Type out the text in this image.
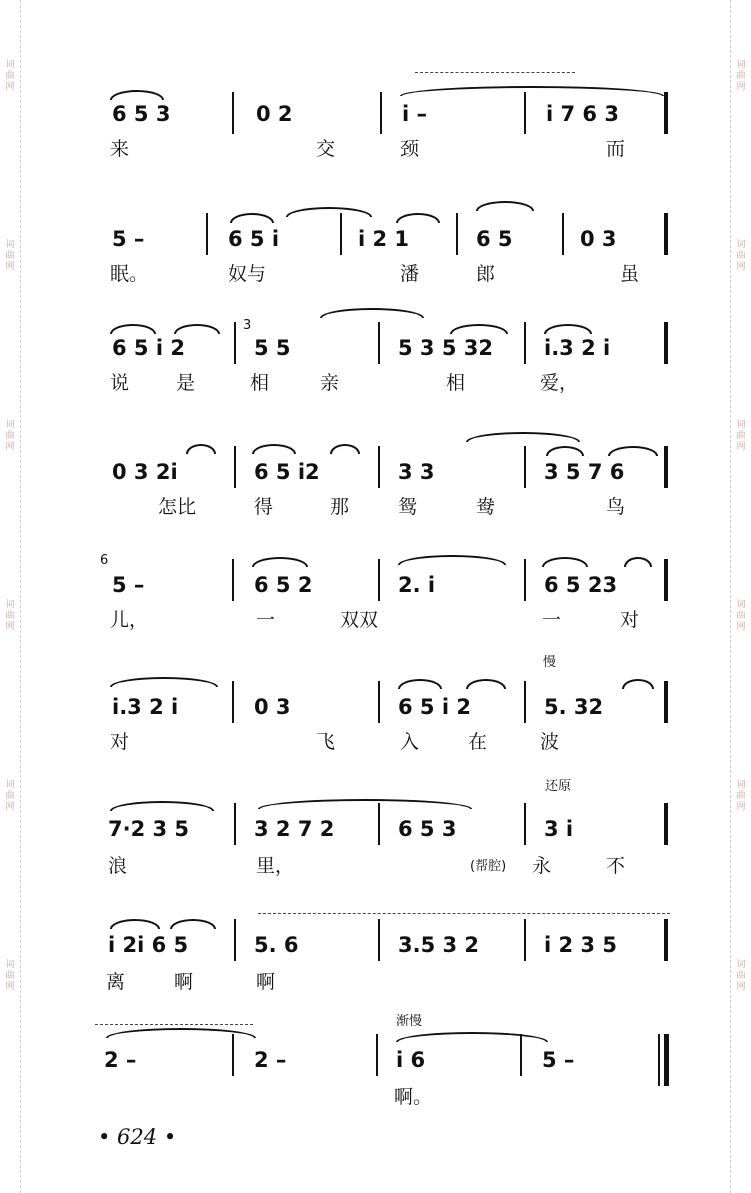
词曲网
词曲网
词曲网
词曲网
词曲网
词曲网
词曲网
词曲网
词曲网
词曲网
词曲网
词曲网
6 5 3	0 2	i –	i 7 6 3
来	交	颈	而
5 –	6 5 i	i 2 1	6 5	0 3
眠。	奴与	潘	郎	虽
3
6 5 i 2	5 5	5 3 5 32 i.3 2 i
说 是	相	亲	相	爱，
0 3 2i	6 5 i2	3 3	3 5 7 6
怎比	得	那	鸳	鸯	鸟
6
5 –	6 5 2	2. i	6 5 23
儿，	一	双双	一	对
慢
i.3 2 i	0 3	6 5 i 2	5. 32
对	飞	入	在	波
还原
7·2 3 5	3 2 7 2	6 5 3	3 i
浪	里，	(帮腔) 永	不
i 2i 6 5	5. 6	3.5 3 2	i 2 3 5
离	啊	啊
渐慢
2 –	2 –	i 6	5 –
啊。
• 624 •
